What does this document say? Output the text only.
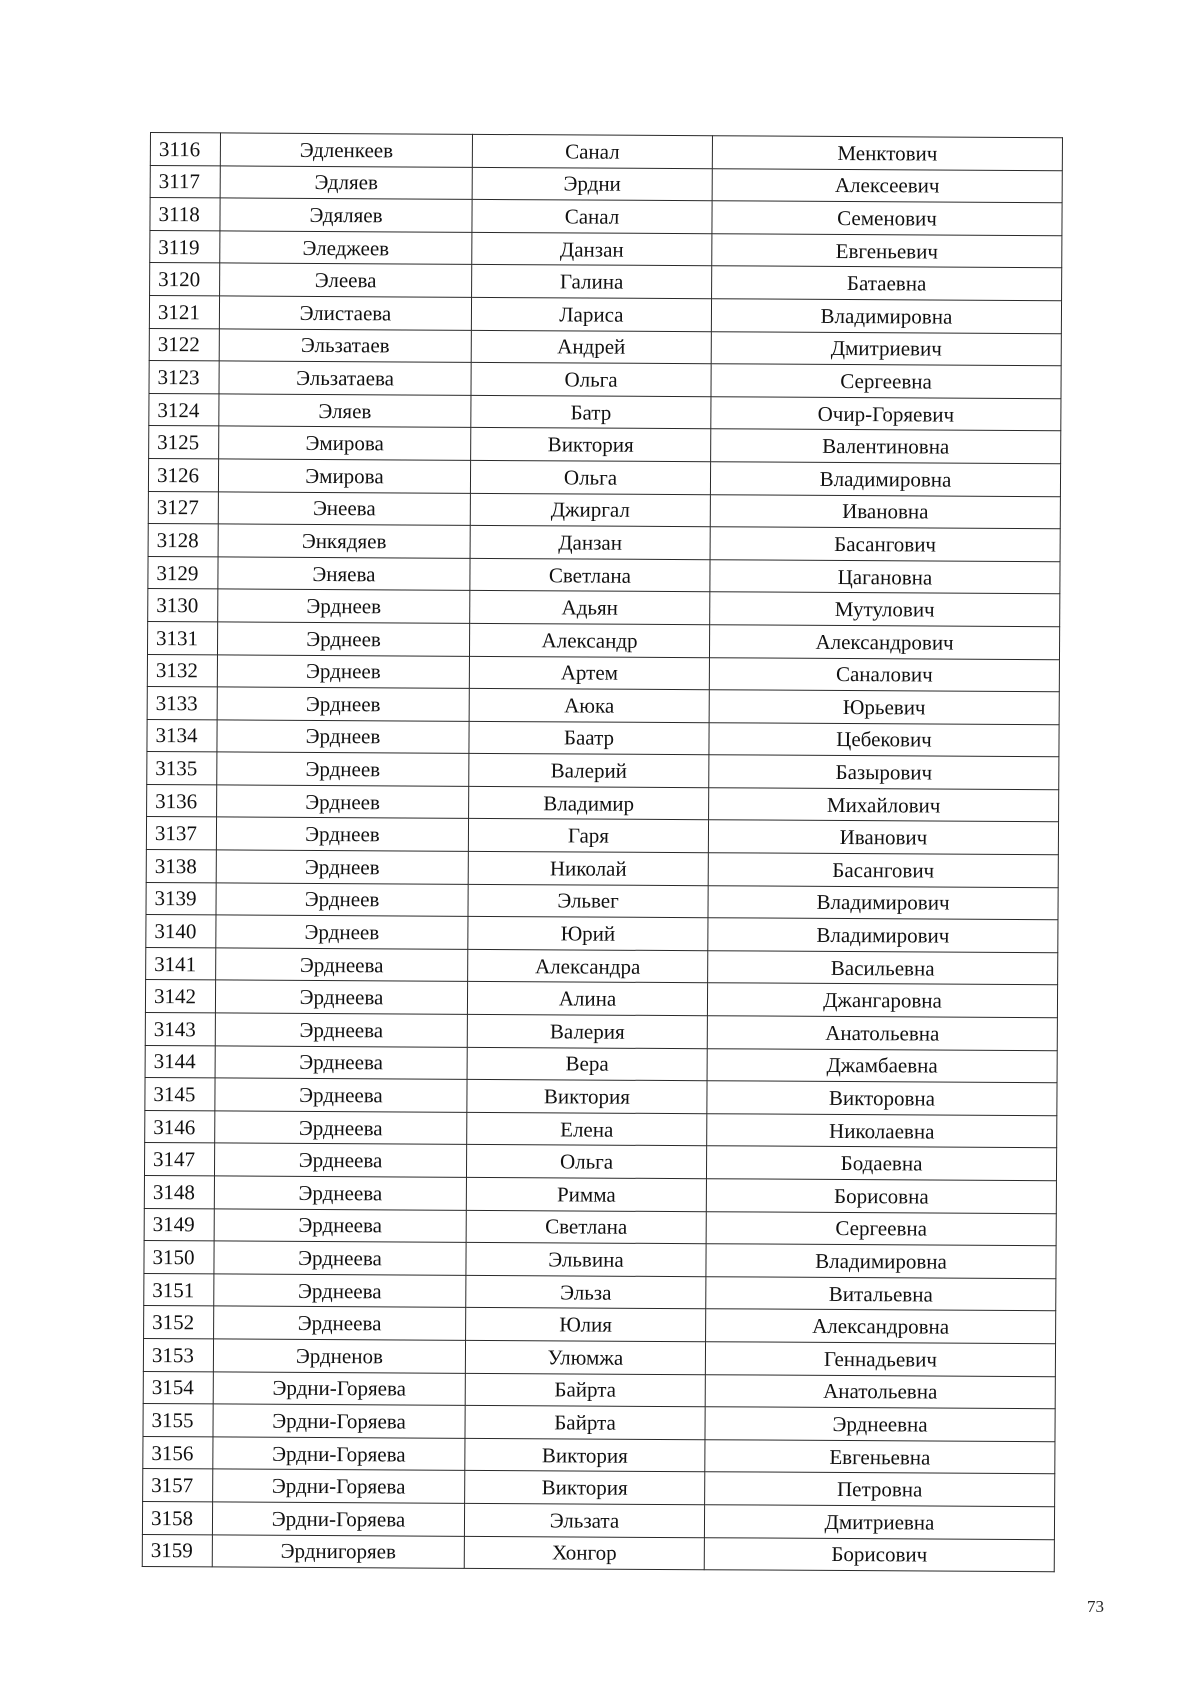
3116	Эдленкеев	Санал	Менктович
3117	Эдляев	Эрдни	Алексеевич
3118	Эдяляев	Санал	Семенович
3119	Эледжеев	Данзан	Евгеньевич
3120	Элеева	Галина	Батаевна
3121	Элистаева	Лариса	Владимировна
3122	Эльзатаев	Андрей	Дмитриевич
3123	Эльзатаева	Ольга	Сергеевна
3124	Эляев	Батр	Очир-Горяевич
3125	Эмирова	Виктория	Валентиновна
3126	Эмирова	Ольга	Владимировна
3127	Энеева	Джиргал	Ивановна
3128	Энкядяев	Данзан	Басангович
3129	Эняева	Светлана	Цагановна
3130	Эрднеев	Адьян	Мутулович
3131	Эрднеев	Александр	Александрович
3132	Эрднеев	Артем	Саналович
3133	Эрднеев	Аюка	Юрьевич
3134	Эрднеев	Баатр	Цебекович
3135	Эрднеев	Валерий	Базырович
3136	Эрднеев	Владимир	Михайлович
3137	Эрднеев	Гаря	Иванович
3138	Эрднеев	Николай	Басангович
3139	Эрднеев	Эльвег	Владимирович
3140	Эрднеев	Юрий	Владимирович
3141	Эрднеева	Александра	Васильевна
3142	Эрднеева	Алина	Джангаровна
3143	Эрднеева	Валерия	Анатольевна
3144	Эрднеева	Вера	Джамбаевна
3145	Эрднеева	Виктория	Викторовна
3146	Эрднеева	Елена	Николаевна
3147	Эрднеева	Ольга	Бодаевна
3148	Эрднеева	Римма	Борисовна
3149	Эрднеева	Светлана	Сергеевна
3150	Эрднеева	Эльвина	Владимировна
3151	Эрднеева	Эльза	Витальевна
3152	Эрднеева	Юлия	Александровна
3153	Эрдненов	Улюмжа	Геннадьевич
3154	Эрдни-Горяева	Байрта	Анатольевна
3155	Эрдни-Горяева	Байрта	Эрднеевна
3156	Эрдни-Горяева	Виктория	Евгеньевна
3157	Эрдни-Горяева	Виктория	Петровна
3158	Эрдни-Горяева	Эльзата	Дмитриевна
3159	Эрднигоряев	Хонгор	Борисович
73
